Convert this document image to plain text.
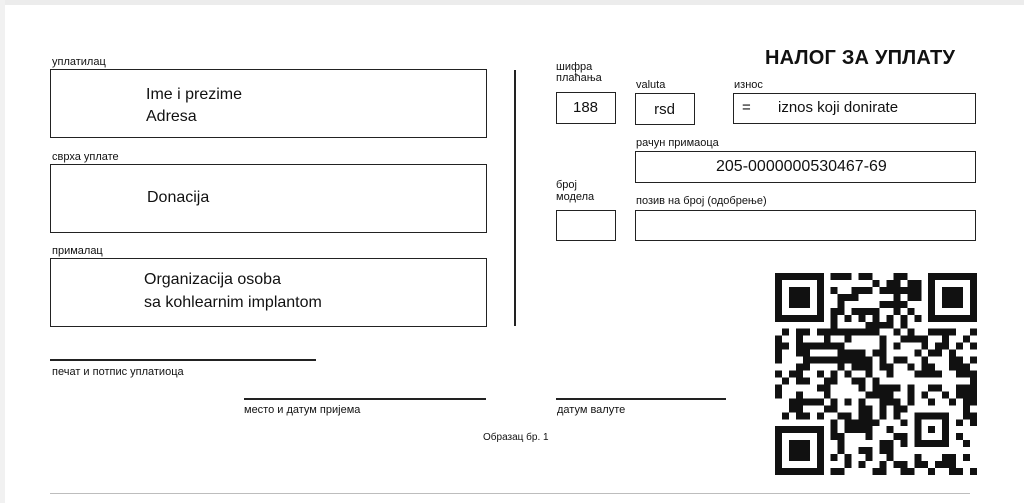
уплатилац
Ime i prezime
Adresa
сврха уплате
Donacija
прималац
Organizacija osoba
sa kohlearnim implantom
печат и потпис уплатиоца
место и датум пријема	датум валуте
Образац бр. 1
НАЛОГ ЗА УПЛАТУ
шифра
плаћања
188
valuta
rsd
износ
= iznos koji donirate
рачун примаоца
205-0000000530467-69
број
модела	позив на број (одобрење)
